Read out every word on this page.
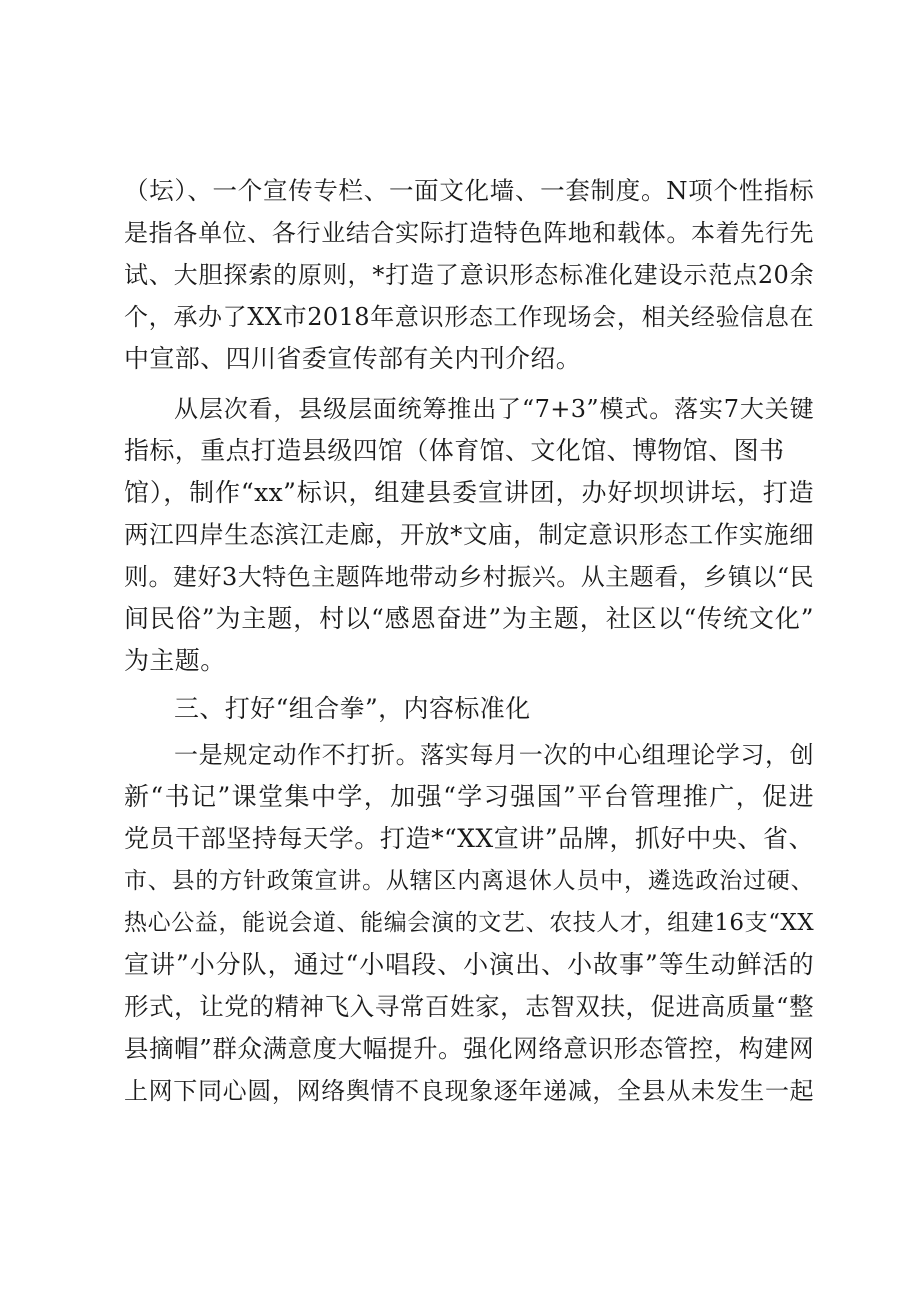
（坛）、一个宣传专栏、一面文化墙、一套制度。N项个性指标
是指各单位、各行业结合实际打造特色阵地和载体。本着先行先
试、大胆探索的原则，*打造了意识形态标准化建设示范点20余
个，承办了XX市2018年意识形态工作现场会，相关经验信息在
中宣部、四川省委宣传部有关内刊介绍。
从层次看，县级层面统筹推出了“7+3”模式。落实7大关键
指标，重点打造县级四馆（体育馆、文化馆、博物馆、图书
馆），制作“xx”标识，组建县委宣讲团，办好坝坝讲坛，打造
两江四岸生态滨江走廊，开放*文庙，制定意识形态工作实施细
则。建好3大特色主题阵地带动乡村振兴。从主题看，乡镇以“民
间民俗”为主题，村以“感恩奋进”为主题，社区以“传统文化”
为主题。
三、打好“组合拳”，内容标准化
一是规定动作不打折。落实每月一次的中心组理论学习，创
新“书记”课堂集中学，加强“学习强国”平台管理推广，促进
党员干部坚持每天学。打造*“XX宣讲”品牌，抓好中央、省、
市、县的方针政策宣讲。从辖区内离退休人员中，遴选政治过硬、
热心公益，能说会道、能编会演的文艺、农技人才，组建16支“XX
宣讲”小分队，通过“小唱段、小演出、小故事”等生动鲜活的
形式，让党的精神飞入寻常百姓家，志智双扶，促进高质量“整
县摘帽”群众满意度大幅提升。强化网络意识形态管控，构建网
上网下同心圆，网络舆情不良现象逐年递减，全县从未发生一起
